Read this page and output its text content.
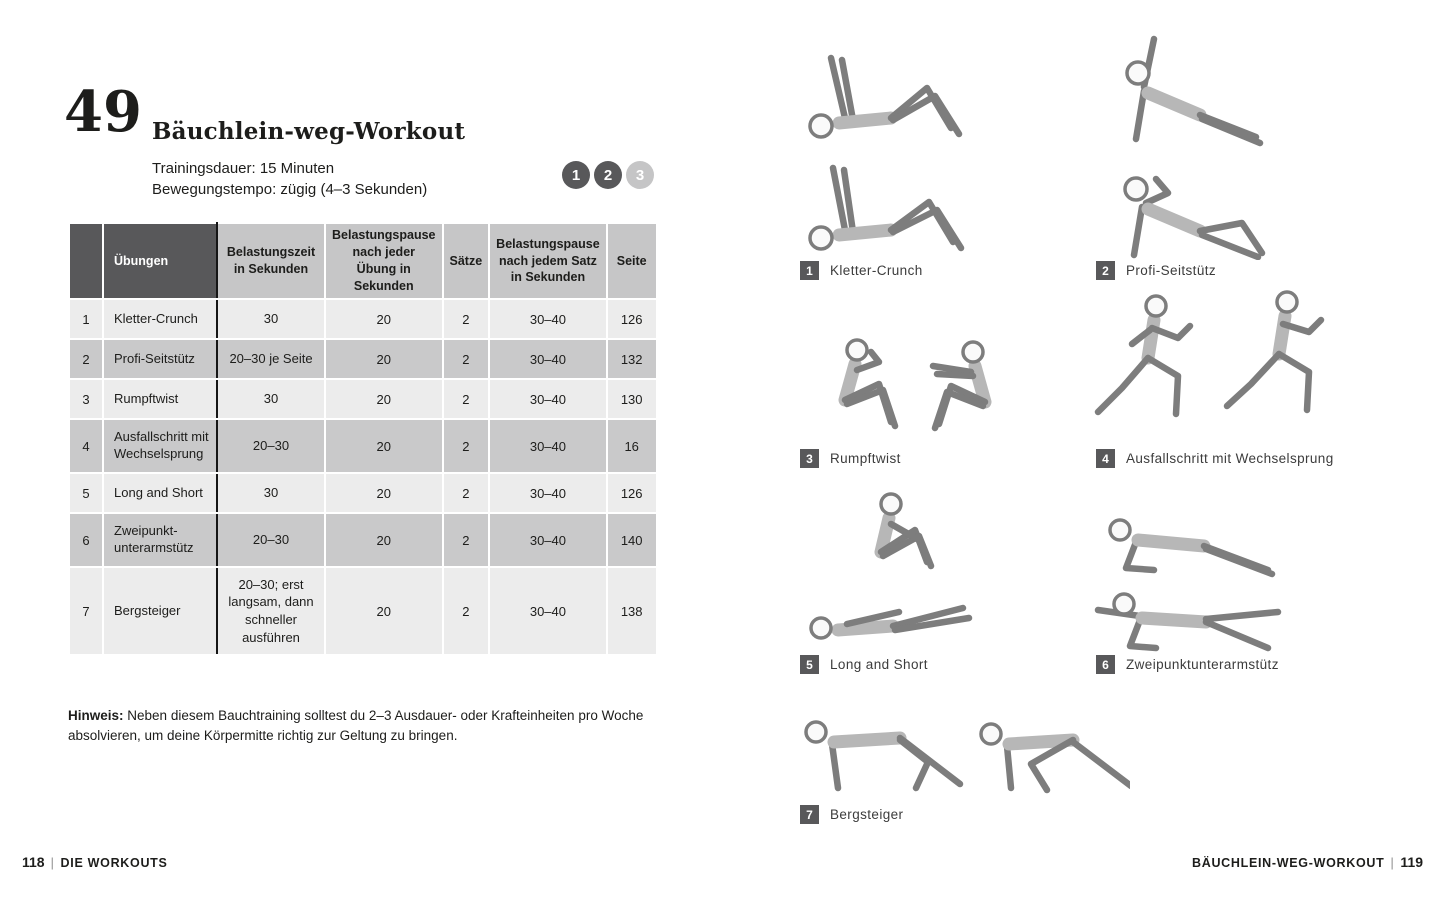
49 Bäuchlein-weg-Workout
Trainingsdauer: 15 Minuten
Bewegungstempo: zügig (4–3 Sekunden)
1	2	3
	Übungen	Belastungszeit in Sekunden	Belastungspause nach jeder Übung in Sekunden	Sätze	Belastungspause nach jedem Satz in Sekunden	Seite
1	Kletter-Crunch	30	20	2	30–40	126
2	Profi-Seitstütz	20–30 je Seite	20	2	30–40	132
3	Rumpftwist	30	20	2	30–40	130
4	Ausfallschritt mit Wechselsprung	20–30	20	2	30–40	16
5	Long and Short	30	20	2	30–40	126
6	Zweipunkt-unterarmstütz	20–30	20	2	30–40	140
7	Bergsteiger	20–30; erst langsam, dann schneller ausführen	20	2	30–40	138
Hinweis: Neben diesem Bauchtraining solltest du 2–3 Ausdauer- oder Krafteinheiten pro Woche absolvieren, um deine Körpermitte richtig zur Geltung zu bringen.
118 | DIE WORKOUTS
1	Kletter-Crunch	2	Profi-Seitstütz
3	Rumpftwist	4	Ausfallschritt mit Wechselsprung
5	Long and Short	6	Zweipunktunterarmstütz
7	Bergsteiger
BÄUCHLEIN-WEG-WORKOUT | 119
